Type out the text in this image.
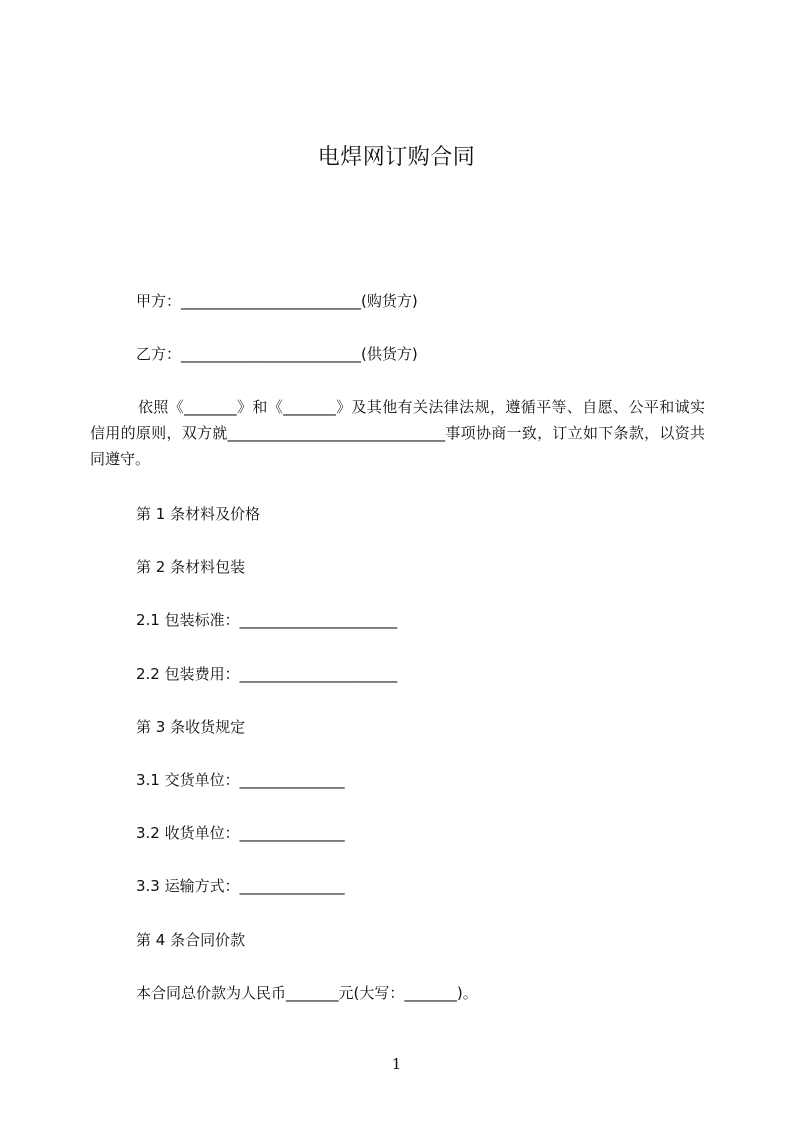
电焊网订购合同
甲方：________________________(购货方)
乙方：________________________(供货方)
依照《_______》和《_______》及其他有关法律法规，遵循平等、自愿、公平和诚实信用的原则，双方就_____________________________事项协商一致，订立如下条款，以资共同遵守。
第 1 条材料及价格
第 2 条材料包装
2.1 包装标准：_____________________
2.2 包装费用：_____________________
第 3 条收货规定
3.1 交货单位：______________
3.2 收货单位：______________
3.3 运输方式：______________
第 4 条合同价款
本合同总价款为人民币_______元(大写：_______)。
1
